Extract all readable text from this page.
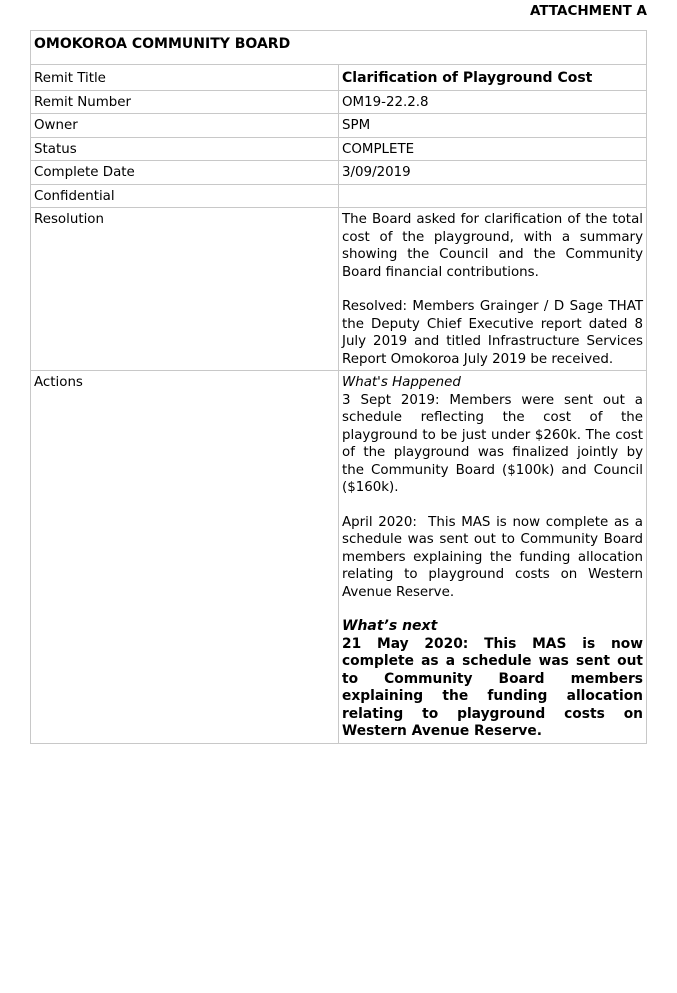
ATTACHMENT A
OMOKOROA COMMUNITY BOARD	
Remit Title	Clarification of Playground Cost
Remit Number	OM19-22.2.8
Owner	SPM
Status	COMPLETE
Complete Date	3/09/2019
Confidential	
Resolution	The Board asked for clarification of the total cost of the playground, with a summary showing the Council and the Community Board financial contributions.

Resolved: Members Grainger / D Sage THAT the Deputy Chief Executive report dated 8 July 2019 and titled Infrastructure Services Report Omokoroa July 2019 be received.

Actions	What's Happened

3 Sept 2019: Members were sent out a schedule reflecting the cost of the playground to be just under $260k. The cost of the playground was finalized jointly by the Community Board ($100k) and Council ($160k).

April 2020:  This MAS is now complete as a schedule was sent out to Community Board members explaining the funding allocation relating to playground costs on Western Avenue Reserve.

What’s next

21 May 2020: This MAS is now complete as a schedule was sent out to Community Board members explaining the funding allocation relating to playground costs on Western Avenue Reserve.
